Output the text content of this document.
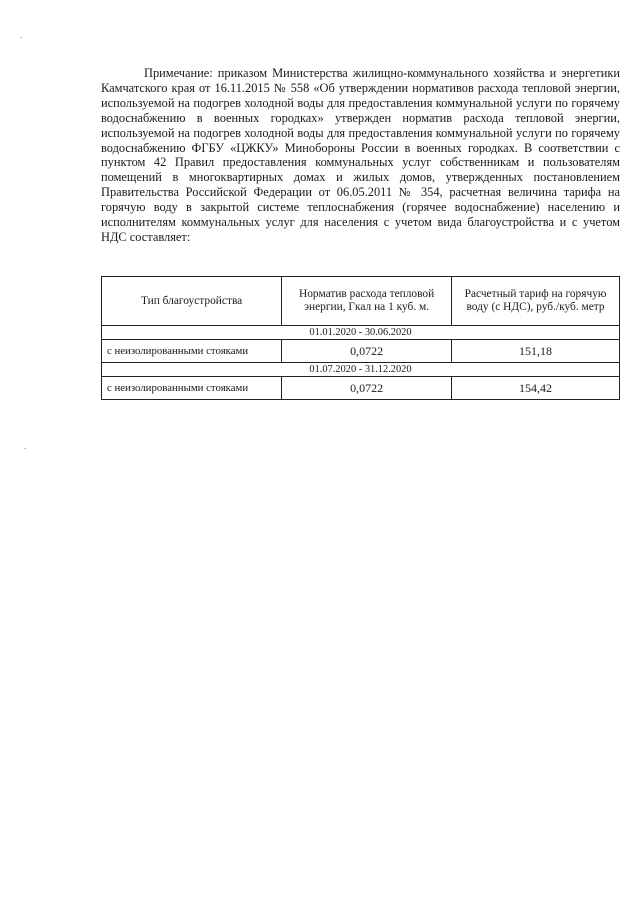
Примечание: приказом Министерства жилищно-коммунального хозяйства и энергетики Камчатского края от 16.11.2015 № 558 «Об утверждении нормативов расхода тепловой энергии, используемой на подогрев холодной воды для предоставления коммунальной услуги по горячему водоснабжению в военных городках» утвержден норматив расхода тепловой энергии, используемой на подогрев холодной воды для предоставления коммунальной услуги по горячему водоснабжению ФГБУ «ЦЖКУ» Минобороны России в военных городках. В соответствии с пунктом 42 Правил предоставления коммунальных услуг собственникам и пользователям помещений в многоквартирных домах и жилых домов, утвержденных постановлением Правительства Российской Федерации от 06.05.2011 № 354, расчетная величина тарифа на горячую воду в закрытой системе теплоснабжения (горячее водоснабжение) населению и исполнителям коммунальных услуг для населения с учетом вида благоустройства и с учетом НДС составляет:

Тип благоустройства	Норматив расхода тепловой энергии, Гкал на 1 куб. м.	Расчетный тариф на горячую воду (с НДС), руб./куб. метр
01.01.2020 - 30.06.2020		
с неизолированными стояками	0,0722	151,18
01.07.2020 - 31.12.2020		
с неизолированными стояками	0,0722	154,42
